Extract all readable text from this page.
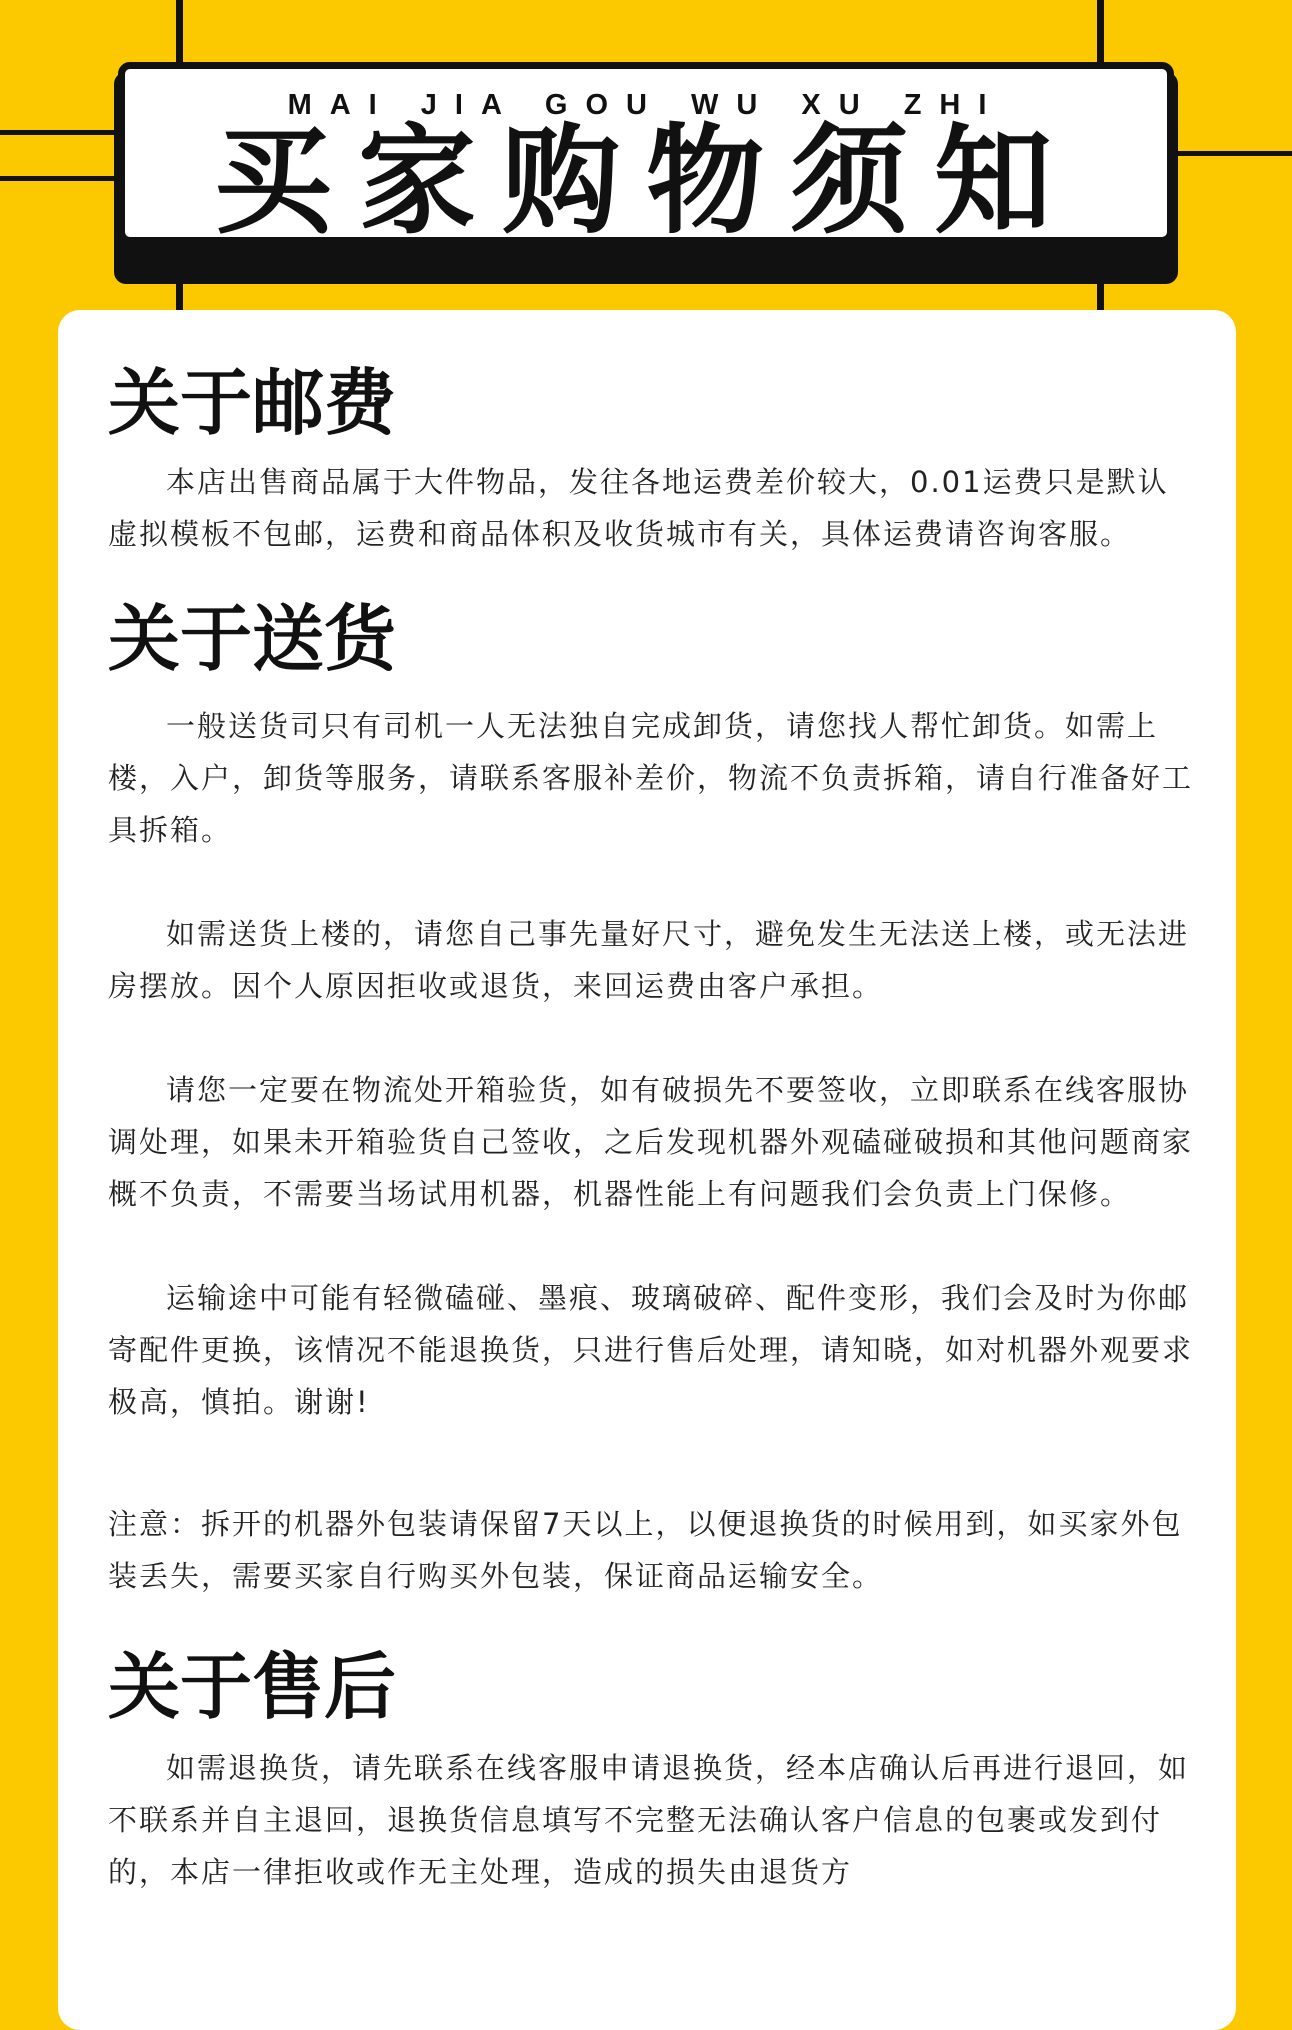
MAI JIA GOU WU XU ZHI
买家购物须知
关于邮费

本店出售商品属于大件物品，发往各地运费差价较大，0.01运费只是默认虚拟模板不包邮，运费和商品体积及收货城市有关，具体运费请咨询客服。

关于送货

一般送货司只有司机一人无法独自完成卸货，请您找人帮忙卸货。如需上楼，入户，卸货等服务，请联系客服补差价，物流不负责拆箱，请自行准备好工具拆箱。

如需送货上楼的，请您自己事先量好尺寸，避免发生无法送上楼，或无法进房摆放。因个人原因拒收或退货，来回运费由客户承担。

请您一定要在物流处开箱验货，如有破损先不要签收，立即联系在线客服协调处理，如果未开箱验货自己签收，之后发现机器外观磕碰破损和其他问题商家概不负责，不需要当场试用机器，机器性能上有问题我们会负责上门保修。

运输途中可能有轻微磕碰、墨痕、玻璃破碎、配件变形，我们会及时为你邮寄配件更换，该情况不能退换货，只进行售后处理，请知晓，如对机器外观要求极高，慎拍。谢谢!

注意：拆开的机器外包装请保留7天以上，以便退换货的时候用到，如买家外包装丢失，需要买家自行购买外包装，保证商品运输安全。

关于售后

如需退换货，请先联系在线客服申请退换货，经本店确认后再进行退回，如不联系并自主退回，退换货信息填写不完整无法确认客户信息的包裹或发到付的，本店一律拒收或作无主处理，造成的损失由退货方
